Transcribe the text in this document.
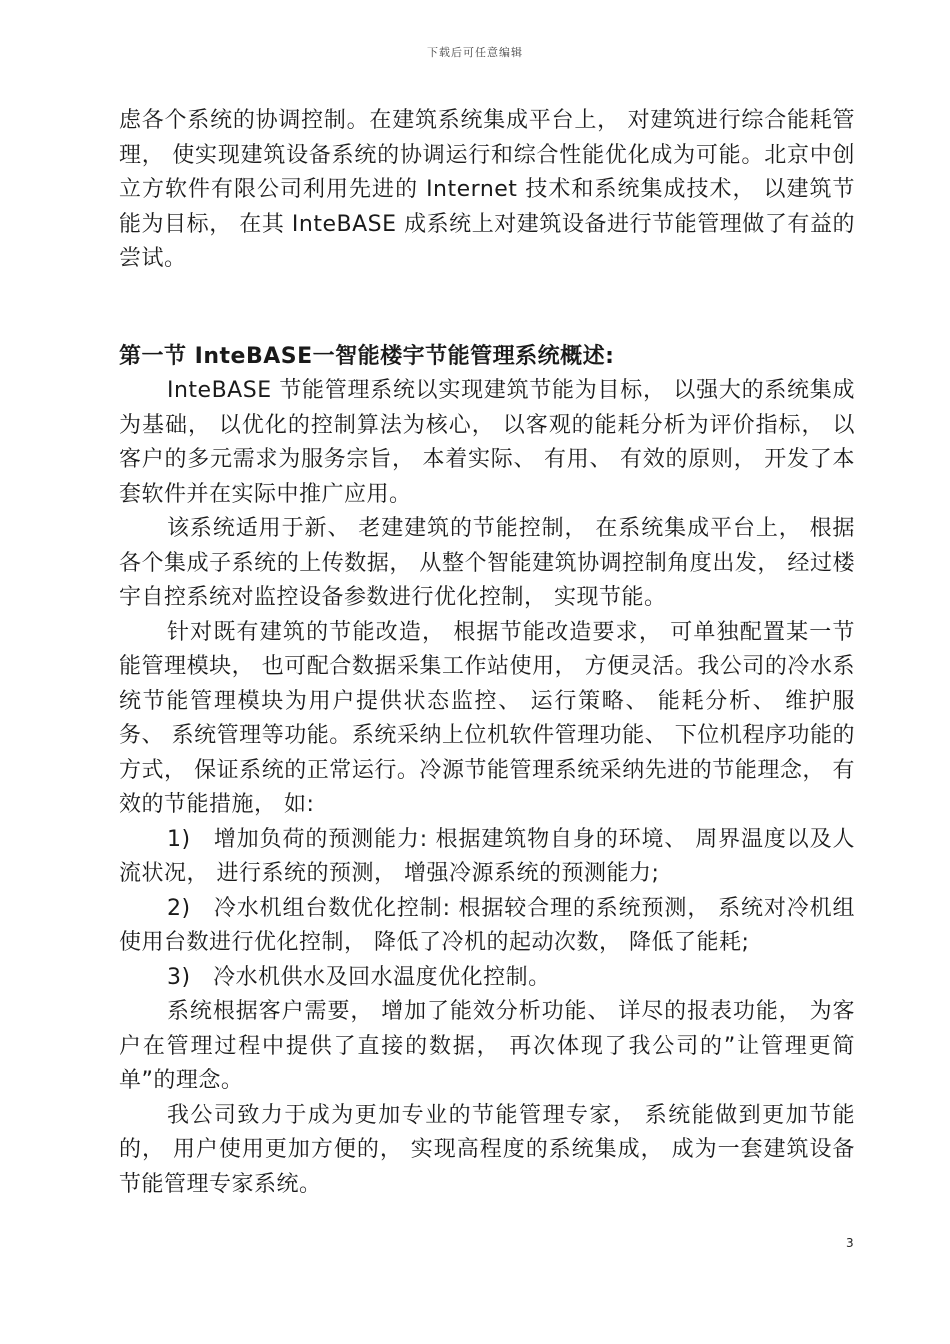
下载后可任意编辑

虑各个系统的协调控制。在建筑系统集成平台上， 对建筑进行综合能耗管理， 使实现建筑设备系统的协调运行和综合性能优化成为可能。北京中创立方软件有限公司利用先进的 Internet 技术和系统集成技术， 以建筑节能为目标， 在其 InteBASE 成系统上对建筑设备进行节能管理做了有益的尝试。

第一节 InteBASE一智能楼宇节能管理系统概述:

InteBASE 节能管理系统以实现建筑节能为目标， 以强大的系统集成为基础， 以优化的控制算法为核心， 以客观的能耗分析为评价指标， 以客户的多元需求为服务宗旨， 本着实际、 有用、 有效的原则， 开发了本套软件并在实际中推广应用。

该系统适用于新、 老建建筑的节能控制， 在系统集成平台上， 根据各个集成子系统的上传数据， 从整个智能建筑协调控制角度出发， 经过楼宇自控系统对监控设备参数进行优化控制， 实现节能。

针对既有建筑的节能改造， 根据节能改造要求， 可单独配置某一节能管理模块， 也可配合数据采集工作站使用， 方便灵活。我公司的冷水系统节能管理模块为用户提供状态监控、 运行策略、 能耗分析、 维护服务、 系统管理等功能。系统采纳上位机软件管理功能、 下位机程序功能的方式， 保证系统的正常运行。冷源节能管理系统采纳先进的节能理念， 有效的节能措施， 如:

1)　增加负荷的预测能力: 根据建筑物自身的环境、 周界温度以及人流状况， 进行系统的预测， 增强冷源系统的预测能力;

2)　冷水机组台数优化控制: 根据较合理的系统预测， 系统对冷机组使用台数进行优化控制， 降低了冷机的起动次数， 降低了能耗;

3)　冷水机供水及回水温度优化控制。

系统根据客户需要， 增加了能效分析功能、 详尽的报表功能， 为客户在管理过程中提供了直接的数据， 再次体现了我公司的”让管理更简单”的理念。

我公司致力于成为更加专业的节能管理专家， 系统能做到更加节能的， 用户使用更加方便的， 实现高程度的系统集成， 成为一套建筑设备节能管理专家系统。

3
